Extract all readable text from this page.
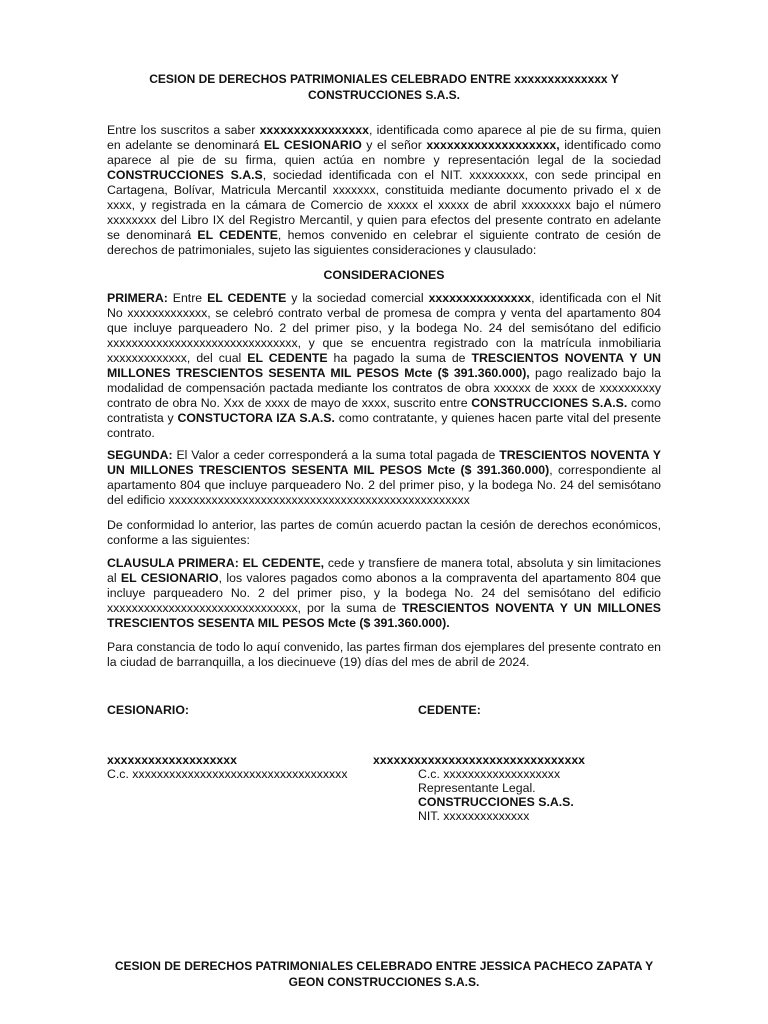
CESION DE DERECHOS PATRIMONIALES CELEBRADO ENTRE xxxxxxxxxxxxxx Y CONSTRUCCIONES S.A.S.

Entre los suscritos a saber xxxxxxxxxxxxxxxx, identificada como aparece al pie de su firma, quien en adelante se denominará EL CESIONARIO y el señor xxxxxxxxxxxxxxxxxxx, identificado como aparece al pie de su firma, quien actúa en nombre y representación legal de la sociedad CONSTRUCCIONES S.A.S, sociedad identificada con el NIT. xxxxxxxxx, con sede principal en Cartagena, Bolívar, Matricula Mercantil xxxxxxx, constituida mediante documento privado el x de xxxx, y registrada en la cámara de Comercio de xxxxx el xxxxx de abril xxxxxxxx bajo el número xxxxxxxx del Libro IX del Registro Mercantil, y quien para efectos del presente contrato en adelante se denominará EL CEDENTE, hemos convenido en celebrar el siguiente contrato de cesión de derechos de patrimoniales, sujeto las siguientes consideraciones y clausulado:

CONSIDERACIONES

PRIMERA: Entre EL CEDENTE y la sociedad comercial xxxxxxxxxxxxxxx, identificada con el Nit No xxxxxxxxxxxxx, se celebró contrato verbal de promesa de compra y venta del apartamento 804 que incluye parqueadero No. 2 del primer piso, y la bodega No. 24 del semisótano del edificio xxxxxxxxxxxxxxxxxxxxxxxxxxxxxxx, y que se encuentra registrado con la matrícula inmobiliaria xxxxxxxxxxxxx, del cual EL CEDENTE ha pagado la suma de TRESCIENTOS NOVENTA Y UN MILLONES TRESCIENTOS SESENTA MIL PESOS Mcte ($ 391.360.000), pago realizado bajo la modalidad de compensación pactada mediante los contratos de obra xxxxxx de xxxx de xxxxxxxxxy contrato de obra No. Xxx de xxxx de mayo de xxxx, suscrito entre CONSTRUCCIONES S.A.S. como contratista y CONSTUCTORA IZA S.A.S. como contratante, y quienes hacen parte vital del presente contrato.

SEGUNDA: El Valor a ceder corresponderá a la suma total pagada de TRESCIENTOS NOVENTA Y UN MILLONES TRESCIENTOS SESENTA MIL PESOS Mcte ($ 391.360.000), correspondiente al apartamento 804 que incluye parqueadero No. 2 del primer piso, y la bodega No. 24 del semisótano del edificio xxxxxxxxxxxxxxxxxxxxxxxxxxxxxxxxxxxxxxxxxxxxxxxxx

De conformidad lo anterior, las partes de común acuerdo pactan la cesión de derechos económicos, conforme a las siguientes:

CLAUSULA PRIMERA: EL CEDENTE, cede y transfiere de manera total, absoluta y sin limitaciones al EL CESIONARIO, los valores pagados como abonos a la compraventa del apartamento 804 que incluye parqueadero No. 2 del primer piso, y la bodega No. 24 del semisótano del edificio xxxxxxxxxxxxxxxxxxxxxxxxxxxxxxx, por la suma de TRESCIENTOS NOVENTA Y UN MILLONES TRESCIENTOS SESENTA MIL PESOS Mcte ($ 391.360.000).

Para constancia de todo lo aquí convenido, las partes firman dos ejemplares del presente contrato en la ciudad de barranquilla, a los diecinueve (19) días del mes de abril de 2024.

CESIONARIO:	CEDENTE:
xxxxxxxxxxxxxxxxxxx
C.c. xxxxxxxxxxxxxxxxxxxxxxxxxxxxxxxxxxx
xxxxxxxxxxxxxxxxxxxxxxxxxxxxxxx
C.c. xxxxxxxxxxxxxxxxxxx
Representante Legal.
CONSTRUCCIONES S.A.S.
NIT. xxxxxxxxxxxxxx
CESION DE DERECHOS PATRIMONIALES CELEBRADO ENTRE JESSICA PACHECO ZAPATA Y GEON CONSTRUCCIONES S.A.S.
